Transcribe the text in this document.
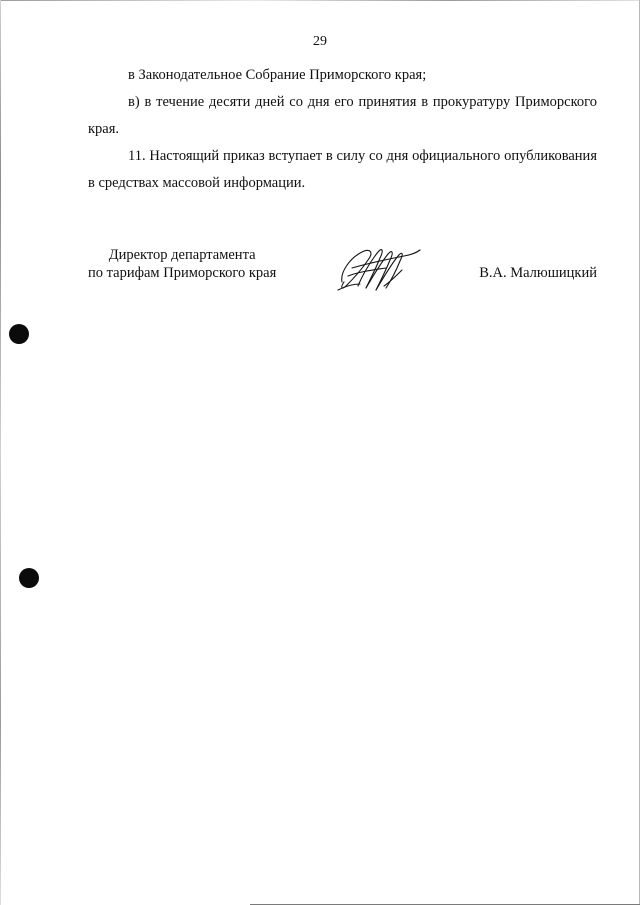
29

в Законодательное Собрание Приморского края;

в) в течение десяти дней со дня его принятия в прокуратуру Приморского края.

11. Настоящий приказ вступает в силу со дня официального опубликования в средствах массовой информации.

Директор департамента
по тарифам Приморского края	В.А. Малюшицкий
